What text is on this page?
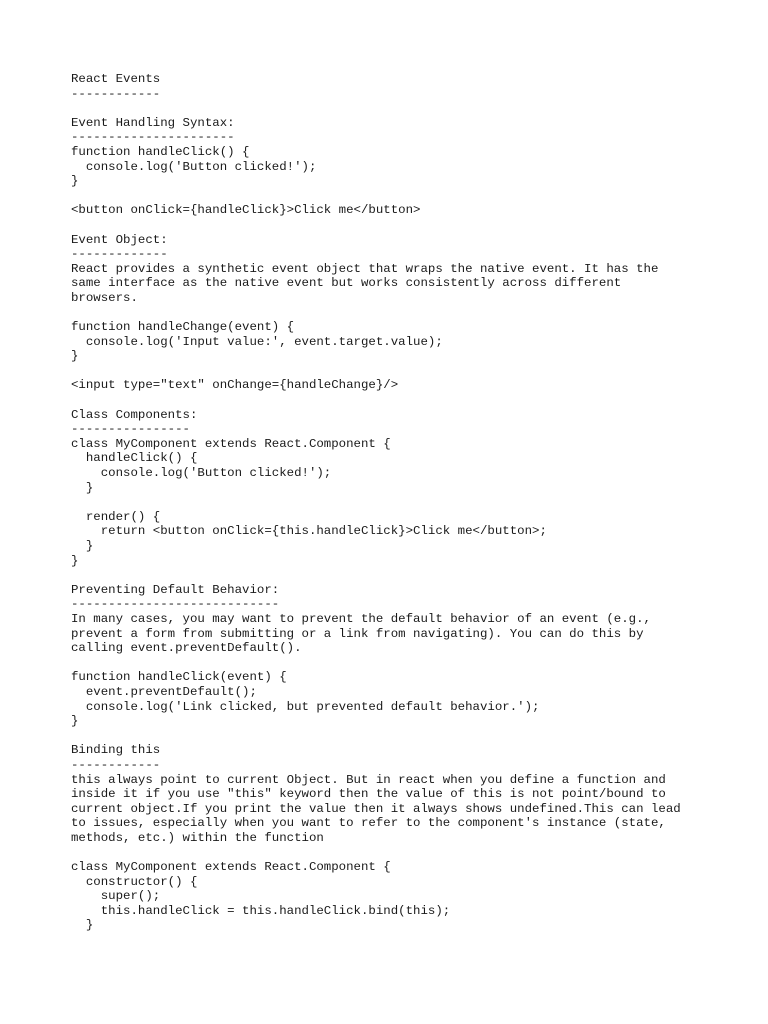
React Events
------------

Event Handling Syntax:
----------------------
function handleClick() {
console.log('Button clicked!');
}

<button onClick={handleClick}>Click me</button>

Event Object:
-------------
React provides a synthetic event object that wraps the native event. It has the
same interface as the native event but works consistently across different
browsers.

function handleChange(event) {
console.log('Input value:', event.target.value);
}

<input type="text" onChange={handleChange}/>

Class Components:
----------------
class MyComponent extends React.Component {
handleClick() {
console.log('Button clicked!');
}

render() {
return <button onClick={this.handleClick}>Click me</button>;
}
}

Preventing Default Behavior:
----------------------------
In many cases, you may want to prevent the default behavior of an event (e.g.,
prevent a form from submitting or a link from navigating). You can do this by
calling event.preventDefault().

function handleClick(event) {
event.preventDefault();
console.log('Link clicked, but prevented default behavior.');
}

Binding this
------------
this always point to current Object. But in react when you define a function and
inside it if you use "this" keyword then the value of this is not point/bound to
current object.If you print the value then it always shows undefined.This can lead
to issues, especially when you want to refer to the component's instance (state,
methods, etc.) within the function

class MyComponent extends React.Component {
constructor() {
super();
this.handleClick = this.handleClick.bind(this);
}
